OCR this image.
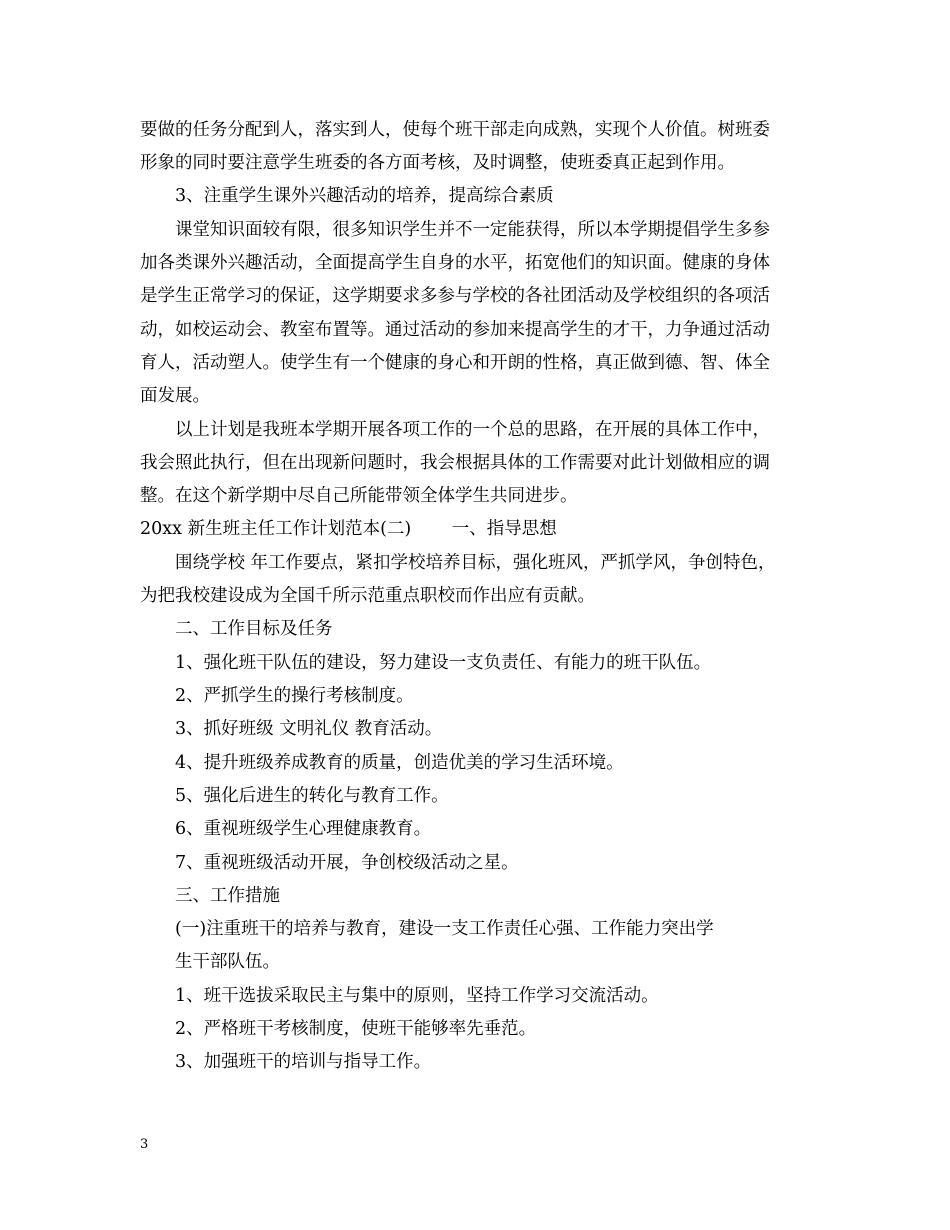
要做的任务分配到人，落实到人，使每个班干部走向成熟，实现个人价值。树班委
形象的同时要注意学生班委的各方面考核，及时调整，使班委真正起到作用。
3、注重学生课外兴趣活动的培养，提高综合素质
课堂知识面较有限，很多知识学生并不一定能获得，所以本学期提倡学生多参
加各类课外兴趣活动，全面提高学生自身的水平，拓宽他们的知识面。健康的身体
是学生正常学习的保证，这学期要求多参与学校的各社团活动及学校组织的各项活
动，如校运动会、教室布置等。通过活动的参加来提高学生的才干，力争通过活动
育人，活动塑人。使学生有一个健康的身心和开朗的性格，真正做到德、智、体全
面发展。
以上计划是我班本学期开展各项工作的一个总的思路，在开展的具体工作中，
我会照此执行，但在出现新问题时，我会根据具体的工作需要对此计划做相应的调
整。在这个新学期中尽自己所能带领全体学生共同进步。
20xx 新生班主任工作计划范本(二)　　 一、指导思想
围绕学校 年工作要点，紧扣学校培养目标，强化班风，严抓学风，争创特色，
为把我校建设成为全国千所示范重点职校而作出应有贡献。
二、工作目标及任务
1、强化班干队伍的建设，努力建设一支负责任、有能力的班干队伍。
2、严抓学生的操行考核制度。
3、抓好班级 文明礼仪 教育活动。
4、提升班级养成教育的质量，创造优美的学习生活环境。
5、强化后进生的转化与教育工作。
6、重视班级学生心理健康教育。
7、重视班级活动开展，争创校级活动之星。
三、工作措施
(一)注重班干的培养与教育，建设一支工作责任心强、工作能力突出学
生干部队伍。
1、班干选拔采取民主与集中的原则，坚持工作学习交流活动。
2、严格班干考核制度，使班干能够率先垂范。
3、加强班干的培训与指导工作。
3
